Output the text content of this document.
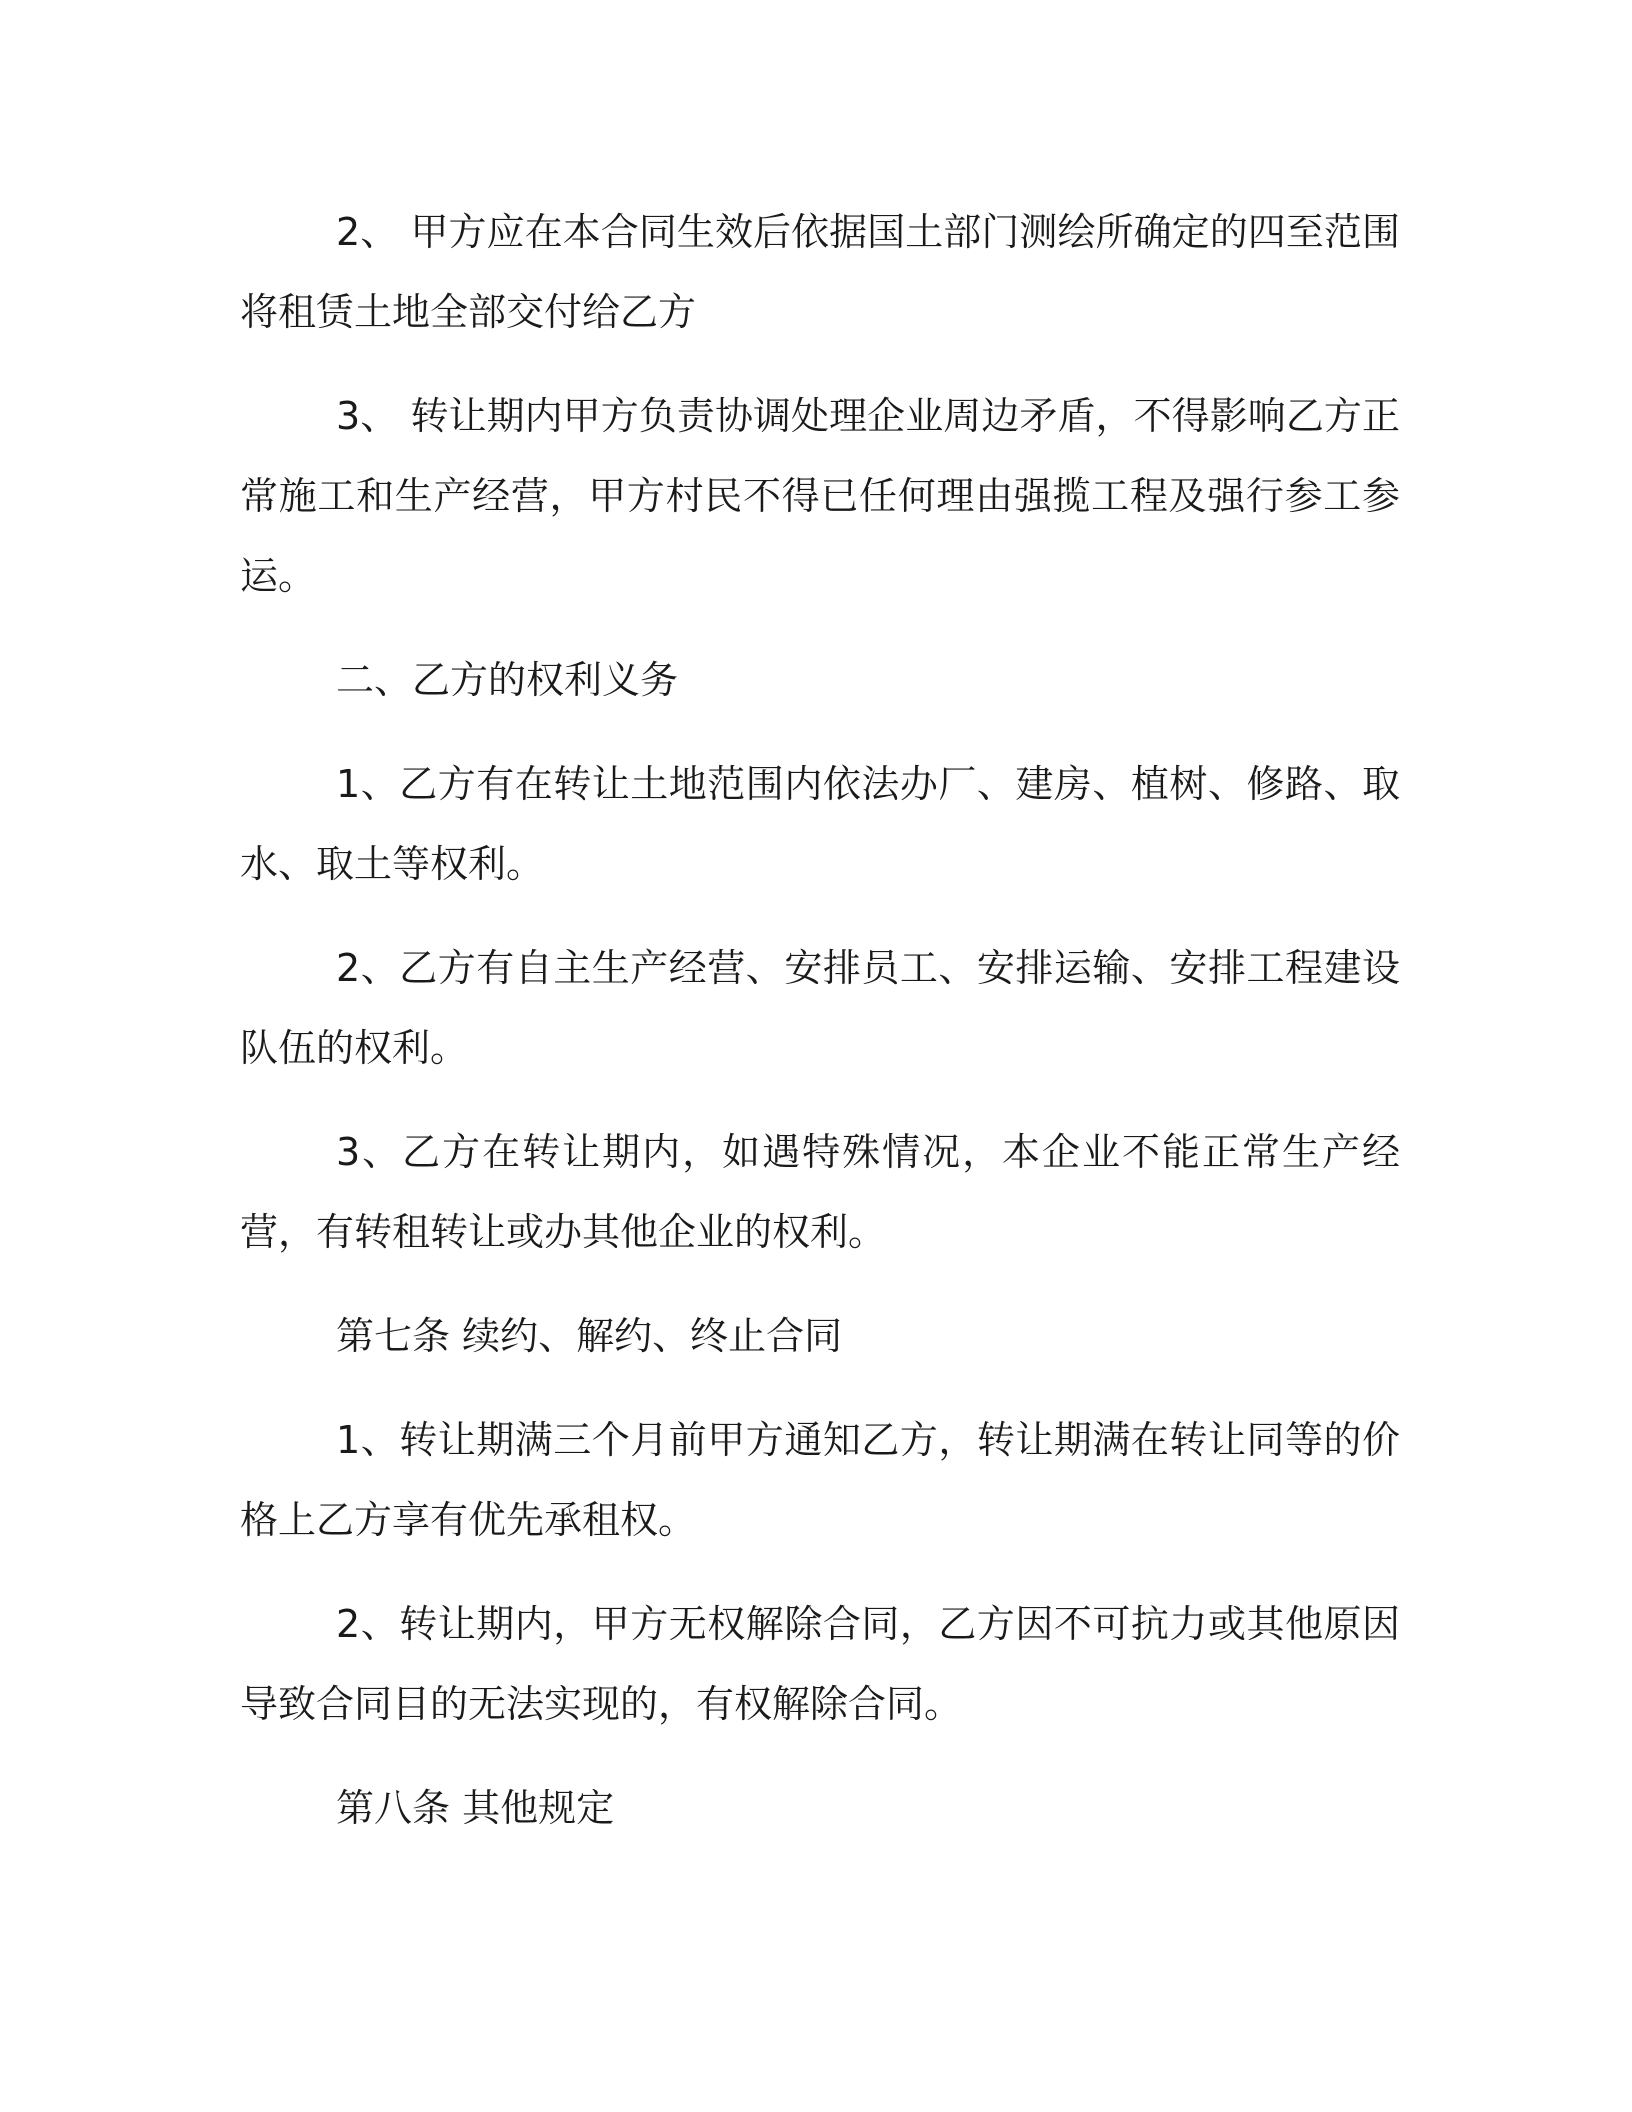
2、 甲方应在本合同生效后依据国土部门测绘所确定的四至范围将租赁土地全部交付给乙方

3、 转让期内甲方负责协调处理企业周边矛盾，不得影响乙方正常施工和生产经营，甲方村民不得已任何理由强揽工程及强行参工参运。

二、乙方的权利义务

1、乙方有在转让土地范围内依法办厂、建房、植树、修路、取水、取土等权利。

2、乙方有自主生产经营、安排员工、安排运输、安排工程建设队伍的权利。

3、乙方在转让期内，如遇特殊情况，本企业不能正常生产经营，有转租转让或办其他企业的权利。

第七条 续约、解约、终止合同

1、转让期满三个月前甲方通知乙方，转让期满在转让同等的价格上乙方享有优先承租权。

2、转让期内，甲方无权解除合同，乙方因不可抗力或其他原因导致合同目的无法实现的，有权解除合同。

第八条 其他规定
